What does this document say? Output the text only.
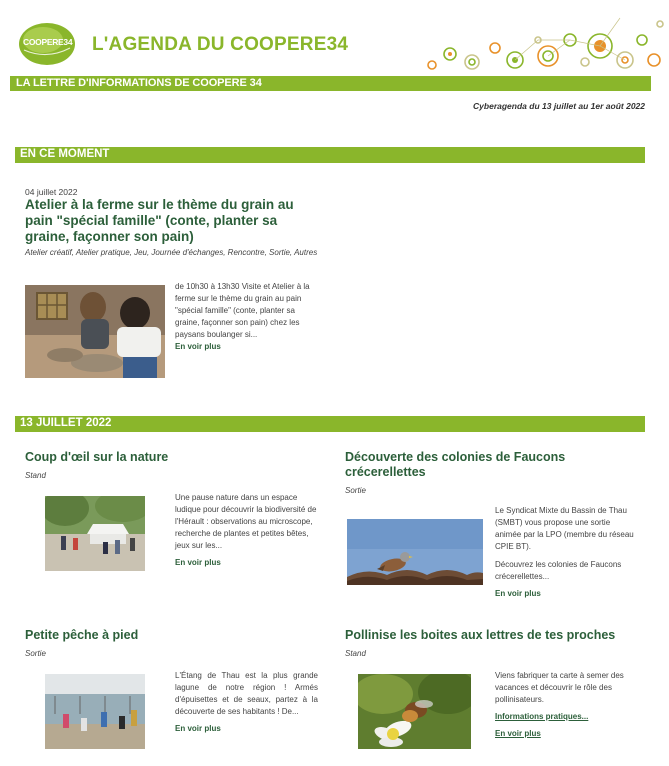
COOPERE34 L'AGENDA DU COOPERE34
LA LETTRE D'INFORMATIONS DE COOPERE 34
Cyberagenda du 13 juillet au 1er août 2022
EN CE MOMENT
04 juillet 2022
Atelier à la ferme sur le thème du grain au pain "spécial famille" (conte, planter sa graine, façonner son pain)
Atelier créatif, Atelier pratique, Jeu, Journée d'échanges, Rencontre, Sortie, Autres
de 10h30 à 13h30 Visite et Atelier à la ferme sur le thème du grain au pain "spécial famille" (conte, planter sa graine, façonner son pain) chez les paysans boulanger si...
En voir plus
13 JUILLET 2022
Coup d'œil sur la nature
Stand
Une pause nature dans un espace ludique pour découvrir la biodiversité de l'Hérault : observations au microscope, recherche de plantes et petites bêtes, jeux sur les...
En voir plus
Découverte des colonies de Faucons crécerellettes
Sortie
Le Syndicat Mixte du Bassin de Thau (SMBT) vous propose une sortie animée par la LPO (membre du réseau CPIE BT).
Découvrez les colonies de Faucons crécerellettes...
En voir plus
Petite pêche à pied
Sortie
L'Étang de Thau est la plus grande lagune de notre région ! Armés d'épuisettes et de seaux, partez à la découverte de ses habitants ! De...
En voir plus
Pollinise les boites aux lettres de tes proches
Stand
Viens fabriquer ta carte à semer des vacances et découvrir le rôle des pollinisateurs.
Informations pratiques...
En voir plus
